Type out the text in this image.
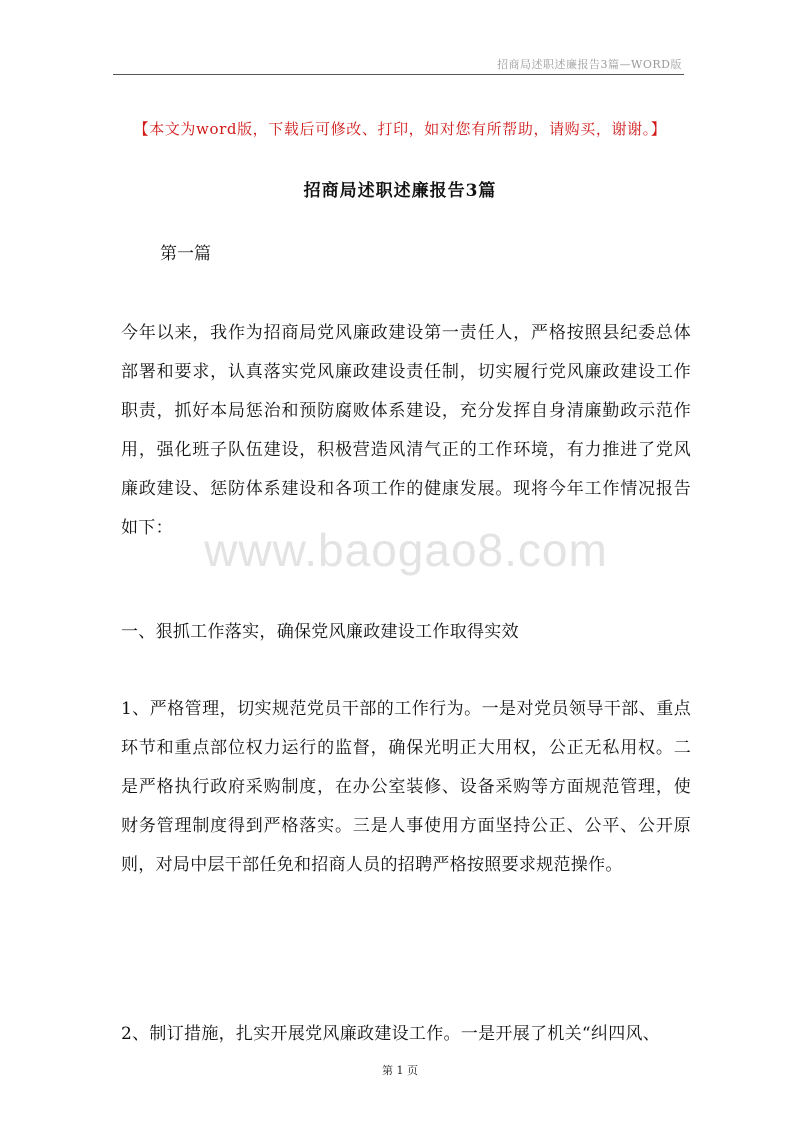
招商局述职述廉报告3篇—WORD版
【本文为word版，下载后可修改、打印，如对您有所帮助，请购买，谢谢。】
招商局述职述廉报告3篇
第一篇

今年以来，我作为招商局党风廉政建设第一责任人，严格按照县纪委总体部署和要求，认真落实党风廉政建设责任制，切实履行党风廉政建设工作职责，抓好本局惩治和预防腐败体系建设，充分发挥自身清廉勤政示范作用，强化班子队伍建设，积极营造风清气正的工作环境，有力推进了党风廉政建设、惩防体系建设和各项工作的健康发展。现将今年工作情况报告如下： www.baogao8.com

一、狠抓工作落实，确保党风廉政建设工作取得实效

1、严格管理，切实规范党员干部的工作行为。一是对党员领导干部、重点环节和重点部位权力运行的监督，确保光明正大用权，公正无私用权。二是严格执行政府采购制度，在办公室装修、设备采购等方面规范管理，使财务管理制度得到严格落实。三是人事使用方面坚持公正、公平、公开原则，对局中层干部任免和招商人员的招聘严格按照要求规范操作。

2、制订措施，扎实开展党风廉政建设工作。一是开展了机关“纠四风、

第 1 页
